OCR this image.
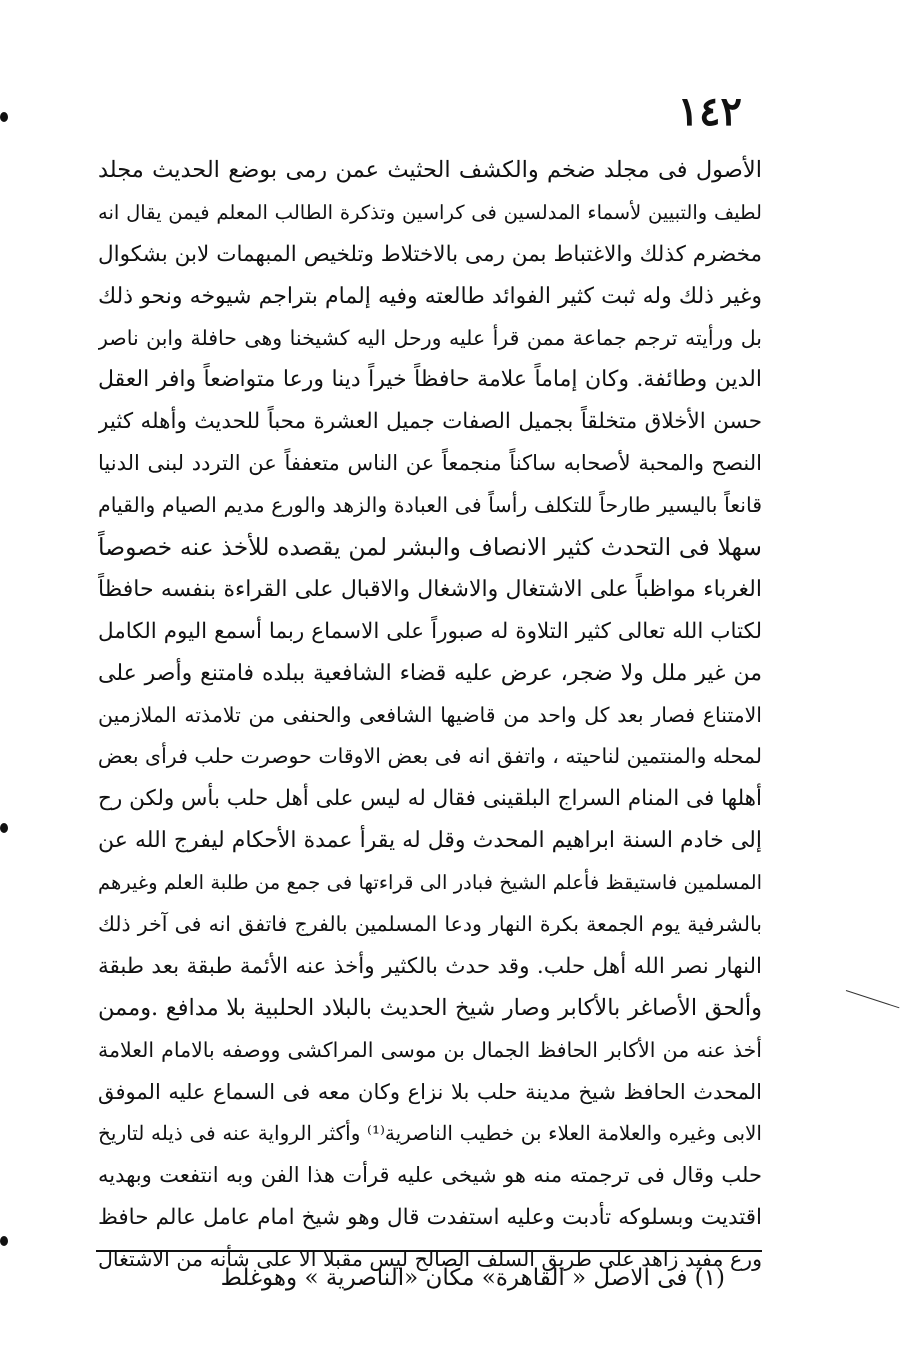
١٤٢
الأصول فى مجلد ضخم والكشف الحثيث عمن رمى بوضع الحديث مجلد
لطيف والتبيين لأسماء المدلسين فى كراسين وتذكرة الطالب المعلم فيمن يقال انه
مخضرم كذلك والاغتباط بمن رمى بالاختلاط وتلخيص المبهمات لابن بشكوال
وغير ذلك وله ثبت كثير الفوائد طالعته وفيه إلمام بتراجم شيوخه ونحو ذلك
بل ورأيته ترجم جماعة ممن قرأ عليه ورحل اليه كشيخنا وهى حافلة وابن ناصر
الدين وطائفة. وكان إماماً علامة حافظاً خيراً دينا ورعا متواضعاً وافر العقل
حسن الأخلاق متخلقاً بجميل الصفات جميل العشرة محباً للحديث وأهله كثير
النصح والمحبة لأصحابه ساكناً منجمعاً عن الناس متعففاً عن التردد لبنى الدنيا
قانعاً باليسير طارحاً للتكلف رأساً فى العبادة والزهد والورع مديم الصيام والقيام
سهلا فى التحدث كثير الانصاف والبشر لمن يقصده للأخذ عنه خصوصاً
الغرباء مواظباً على الاشتغال والاشغال والاقبال على القراءة بنفسه حافظاً
لكتاب الله تعالى كثير التلاوة له صبوراً على الاسماع ربما أسمع اليوم الكامل
من غير ملل ولا ضجر، عرض عليه قضاء الشافعية ببلده فامتنع وأصر على
الامتناع فصار بعد كل واحد من قاضيها الشافعى والحنفى من تلامذته الملازمين
لمحله والمنتمين لناحيته ، واتفق انه فى بعض الاوقات حوصرت حلب فرأى بعض
أهلها فى المنام السراج البلقينى فقال له ليس على أهل حلب بأس ولكن رح
إلى خادم السنة ابراهيم المحدث وقل له يقرأ عمدة الأحكام ليفرج الله عن
المسلمين فاستيقظ فأعلم الشيخ فبادر الى قراءتها فى جمع من طلبة العلم وغيرهم
بالشرفية يوم الجمعة بكرة النهار ودعا المسلمين بالفرج فاتفق انه فى آخر ذلك
النهار نصر الله أهل حلب. وقد حدث بالكثير وأخذ عنه الأئمة طبقة بعد طبقة
وألحق الأصاغر بالأكابر وصار شيخ الحديث بالبلاد الحلبية بلا مدافع .وممن
أخذ عنه من الأكابر الحافظ الجمال بن موسى المراكشى ووصفه بالامام العلامة
المحدث الحافظ شيخ مدينة حلب بلا نزاع وكان معه فى السماع عليه الموفق
الابى وغيره والعلامة العلاء بن خطيب الناصرية⁽¹⁾ وأكثر الرواية عنه فى ذيله لتاريخ
حلب وقال فى ترجمته منه هو شيخى عليه قرأت هذا الفن وبه انتفعت وبهديه
اقتديت وبسلوكه تأدبت وعليه استفدت قال وهو شيخ امام عامل عالم حافظ
ورع مفيد زاهد على طريق السلف الصالح ليس مقبلا الا على شأنه من الاشتغال
(١) فى الاصل « القاهرة» مكان «الناصرية » وهوغلط
